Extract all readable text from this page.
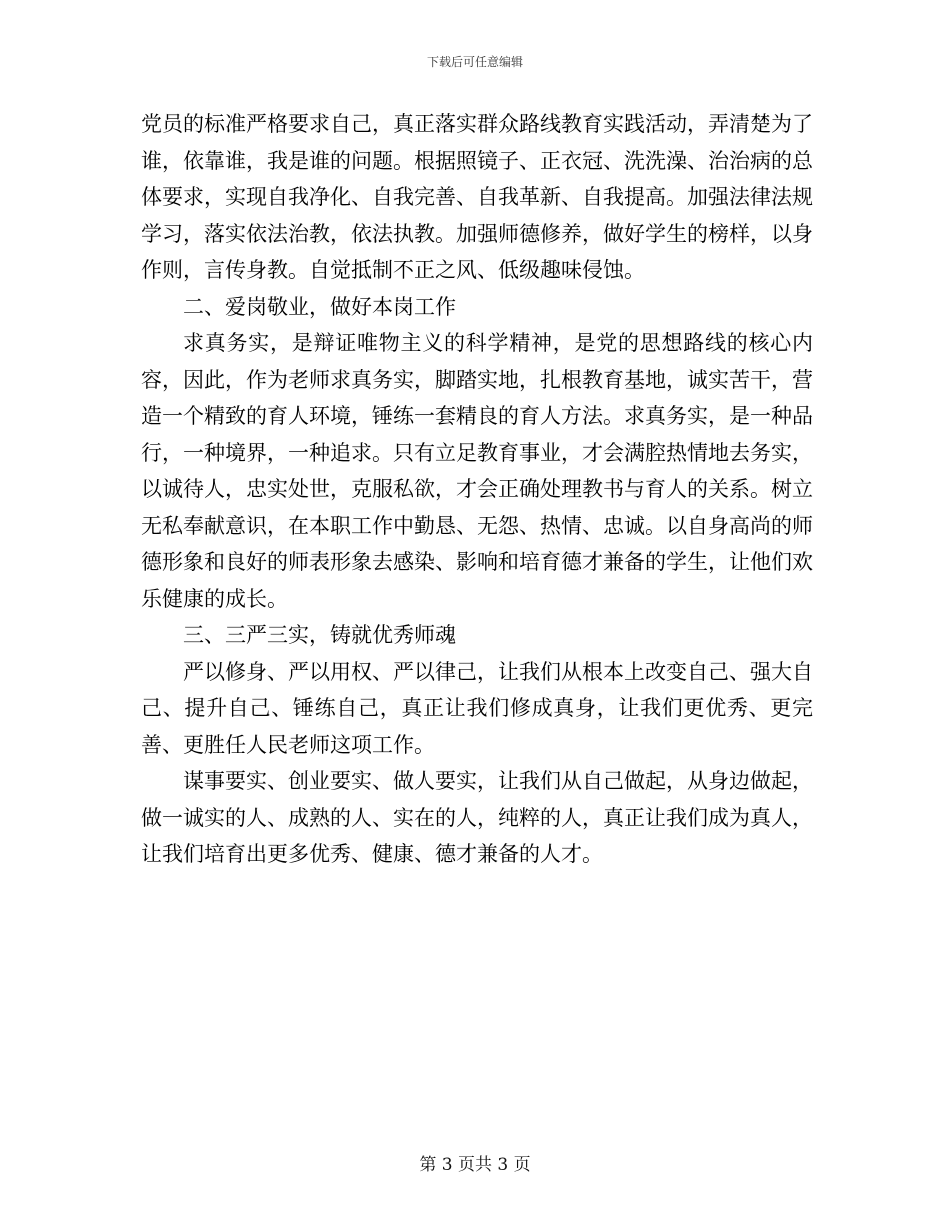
下载后可任意编辑

党员的标准严格要求自己，真正落实群众路线教育实践活动，弄清楚为了谁，依靠谁，我是谁的问题。根据照镜子、正衣冠、洗洗澡、治治病的总体要求，实现自我净化、自我完善、自我革新、自我提高。加强法律法规学习，落实依法治教，依法执教。加强师德修养，做好学生的榜样，以身作则，言传身教。自觉抵制不正之风、低级趣味侵蚀。

二、爱岗敬业，做好本岗工作

求真务实，是辩证唯物主义的科学精神，是党的思想路线的核心内容，因此，作为老师求真务实，脚踏实地，扎根教育基地，诚实苦干，营造一个精致的育人环境，锤练一套精良的育人方法。求真务实，是一种品行，一种境界，一种追求。只有立足教育事业，才会满腔热情地去务实，以诚待人，忠实处世，克服私欲，才会正确处理教书与育人的关系。树立无私奉献意识，在本职工作中勤恳、无怨、热情、忠诚。以自身高尚的师德形象和良好的师表形象去感染、影响和培育德才兼备的学生，让他们欢乐健康的成长。

三、三严三实，铸就优秀师魂

严以修身、严以用权、严以律己，让我们从根本上改变自己、强大自己、提升自己、锤练自己，真正让我们修成真身，让我们更优秀、更完善、更胜任人民老师这项工作。

谋事要实、创业要实、做人要实，让我们从自己做起，从身边做起，做一诚实的人、成熟的人、实在的人，纯粹的人，真正让我们成为真人，让我们培育出更多优秀、健康、德才兼备的人才。

第 3 页共 3 页
